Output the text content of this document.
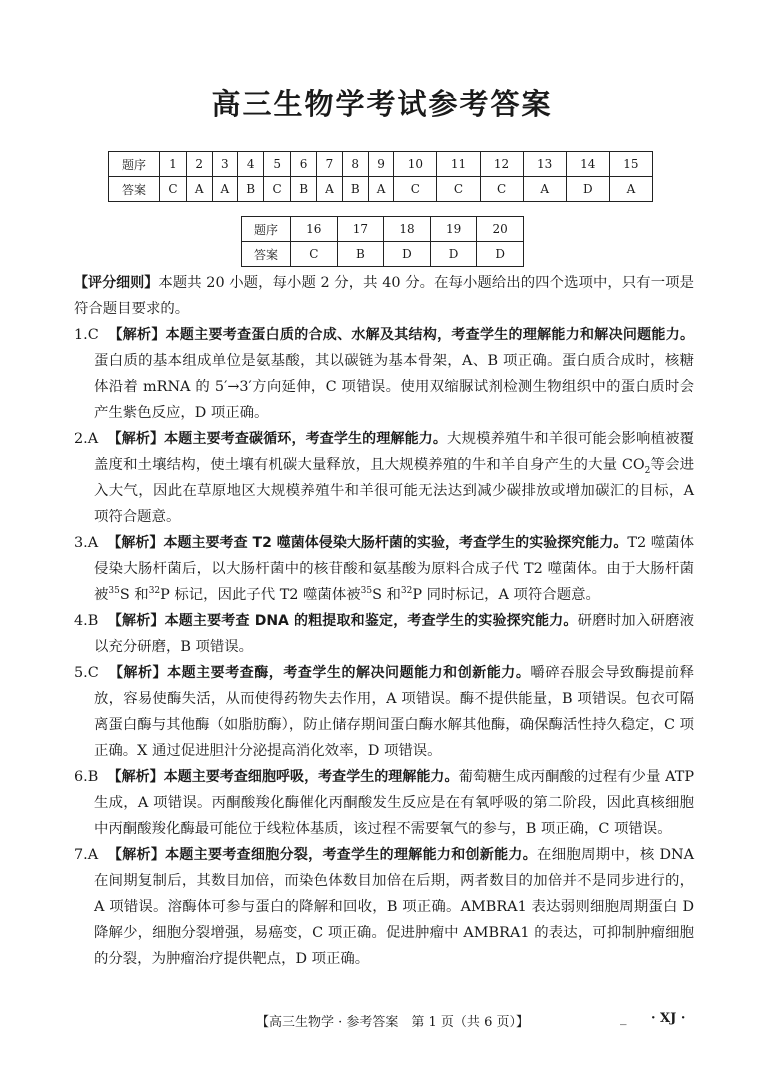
高三生物学考试参考答案
题序	1	2	3	4	5	6	7	8	9	10	11	12	13	14	15
答案	C	A	A	B	C	B	A	B	A	C	C	C	A	D	A
题序	16	17	18	19	20
答案	C	B	D	D	D

【评分细则】本题共 20 小题，每小题 2 分，共 40 分。在每小题给出的四个选项中，只有一项是符合题目要求的。

1.C 【解析】本题主要考查蛋白质的合成、水解及其结构，考查学生的理解能力和解决问题能力。蛋白质的基本组成单位是氨基酸，其以碳链为基本骨架，A、B 项正确。蛋白质合成时，核糖体沿着 mRNA 的 5′→3′方向延伸，C 项错误。使用双缩脲试剂检测生物组织中的蛋白质时会产生紫色反应，D 项正确。

2.A 【解析】本题主要考查碳循环，考查学生的理解能力。大规模养殖牛和羊很可能会影响植被覆盖度和土壤结构，使土壤有机碳大量释放，且大规模养殖的牛和羊自身产生的大量 $CO_2$等会进入大气，因此在草原地区大规模养殖牛和羊很可能无法达到减少碳排放或增加碳汇的目标，A 项符合题意。

3.A 【解析】本题主要考查 T2 噬菌体侵染大肠杆菌的实验，考查学生的实验探究能力。T2 噬菌体侵染大肠杆菌后，以大肠杆菌中的核苷酸和氨基酸为原料合成子代 T2 噬菌体。由于大肠杆菌被$^{35}$S 和$^{32}$P 标记，因此子代 T2 噬菌体被$^{35}$S 和$^{32}$P 同时标记，A 项符合题意。

4.B 【解析】本题主要考查 DNA 的粗提取和鉴定，考查学生的实验探究能力。研磨时加入研磨液以充分研磨，B 项错误。

5.C 【解析】本题主要考查酶，考查学生的解决问题能力和创新能力。嚼碎吞服会导致酶提前释放，容易使酶失活，从而使得药物失去作用，A 项错误。酶不提供能量，B 项错误。包衣可隔离蛋白酶与其他酶（如脂肪酶），防止储存期间蛋白酶水解其他酶，确保酶活性持久稳定，C 项正确。X 通过促进胆汁分泌提高消化效率，D 项错误。

6.B 【解析】本题主要考查细胞呼吸，考查学生的理解能力。葡萄糖生成丙酮酸的过程有少量 ATP 生成，A 项错误。丙酮酸羧化酶催化丙酮酸发生反应是在有氧呼吸的第二阶段，因此真核细胞中丙酮酸羧化酶最可能位于线粒体基质，该过程不需要氧气的参与，B 项正确，C 项错误。

7.A 【解析】本题主要考查细胞分裂，考查学生的理解能力和创新能力。在细胞周期中，核 DNA 在间期复制后，其数目加倍，而染色体数目加倍在后期，两者数目的加倍并不是同步进行的，A 项错误。溶酶体可参与蛋白的降解和回收，B 项正确。AMBRA1 表达弱则细胞周期蛋白 D 降解少，细胞分裂增强，易癌变，C 项正确。促进肿瘤中 AMBRA1 的表达，可抑制肿瘤细胞的分裂，为肿瘤治疗提供靶点，D 项正确。

【高三生物学 · 参考答案　第 1 页（共 6 页）】	_ · XJ ·
